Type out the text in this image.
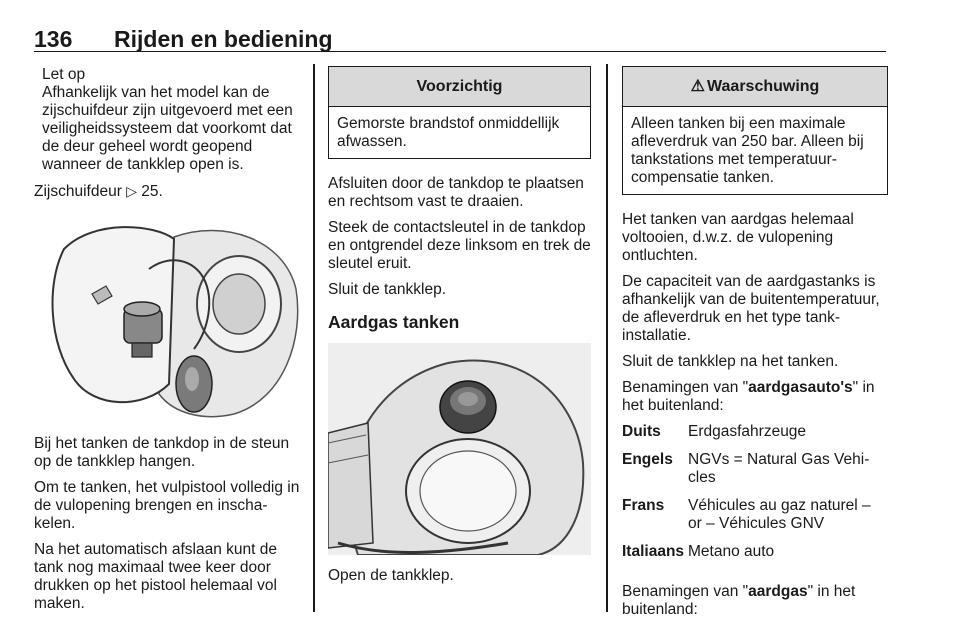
136 Rijden en bediening
Let op
Afhankelijk van het model kan de zijschuifdeur zijn uitgevoerd met een veiligheidssysteem dat voorkomt dat de deur geheel wordt geopend wanneer de tankklep open is.

Zijschuifdeur ▷ 25.

Bij het tanken de tankdop in de steun op de tankklep hangen.

Om te tanken, het vulpistool volledig in de vulopening brengen en inschakelen.

Na het automatisch afslaan kunt de tank nog maximaal twee keer door drukken op het pistool helemaal vol maken.

Voorzichtig
Gemorste brandstof onmiddellijk afwassen.

Afsluiten door de tankdop te plaatsen en rechtsom vast te draaien.

Steek de contactsleutel in de tankdop en ontgrendel deze linksom en trek de sleutel eruit.

Sluit de tankklep.

Aardgas tanken

Open de tankklep.

⚠ Waarschuwing
Alleen tanken bij een maximale afleverdruk van 250 bar. Alleen bij tankstations met temperatuurcompensatie tanken.

Het tanken van aardgas helemaal voltooien, d.w.z. de vulopening ontluchten.

De capaciteit van de aardgastanks is afhankelijk van de buitentemperatuur, de afleverdruk en het type tankinstallatie.

Sluit de tankklep na het tanken.

Benamingen van "aardgasauto's" in het buitenland:

Duits	Erdgasfahrzeuge
Engels	NGVs = Natural Gas Vehicles
Frans	Véhicules au gaz naturel – or – Véhicules GNV
Italiaans	Metano auto

Benamingen van "aardgas" in het buitenland:
